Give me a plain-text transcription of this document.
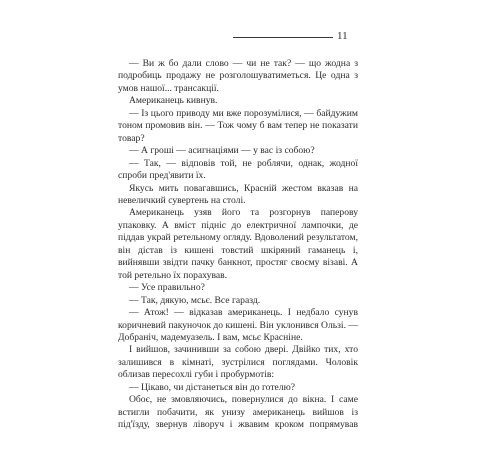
11

— Ви ж бо дали слово — чи не так? — що жодна з подробиць продажу не розголошуватиметься. Це одна з умов нашої... трансакції.

Американець кивнув.

— Із цього приводу ми вже порозумілися, — байдужим тоном промовив він. — Тож чому б вам тепер не показати товар?

— А гроші — асигнаціями — у вас із собою?

— Так, — відповів той, не роблячи, однак, жодної спроби пред'явити їх.

Якусь мить повагавшись, Красній жестом вказав на невеличкий сувертень на столі.

Американець узяв його та розгорнув паперову упаковку. А вміст підніс до електричної лампочки, де піддав украй ретельному огляду. Вдоволений результатом, він дістав із кишені товстий шкіряний гаманець і, вийнявши звідти пачку банкнот, простяг своєму візаві. А той ретельно їх порахував.

— Усе правильно?

— Так, дякую, мсьє. Все гаразд.

— Атож! — відказав американець. І недбало сунув коричневий пакуночок до кишені. Він уклонився Ользі. — Добраніч, мадемуазель. І вам, мсьє Красніне.

І вийшов, зачинивши за собою двері. Двійко тих, хто залишився в кімнаті, зустрілися поглядами. Чоловік облизав пересохлі губи і пробурмотів:

— Цікаво, чи дістанеться він до готелю?

Обоє, не змовляючись, повернулися до вікна. І саме встигли побачити, як унизу американець вийшов із під'їзду, звернув ліворуч і жвавим кроком попрямував
